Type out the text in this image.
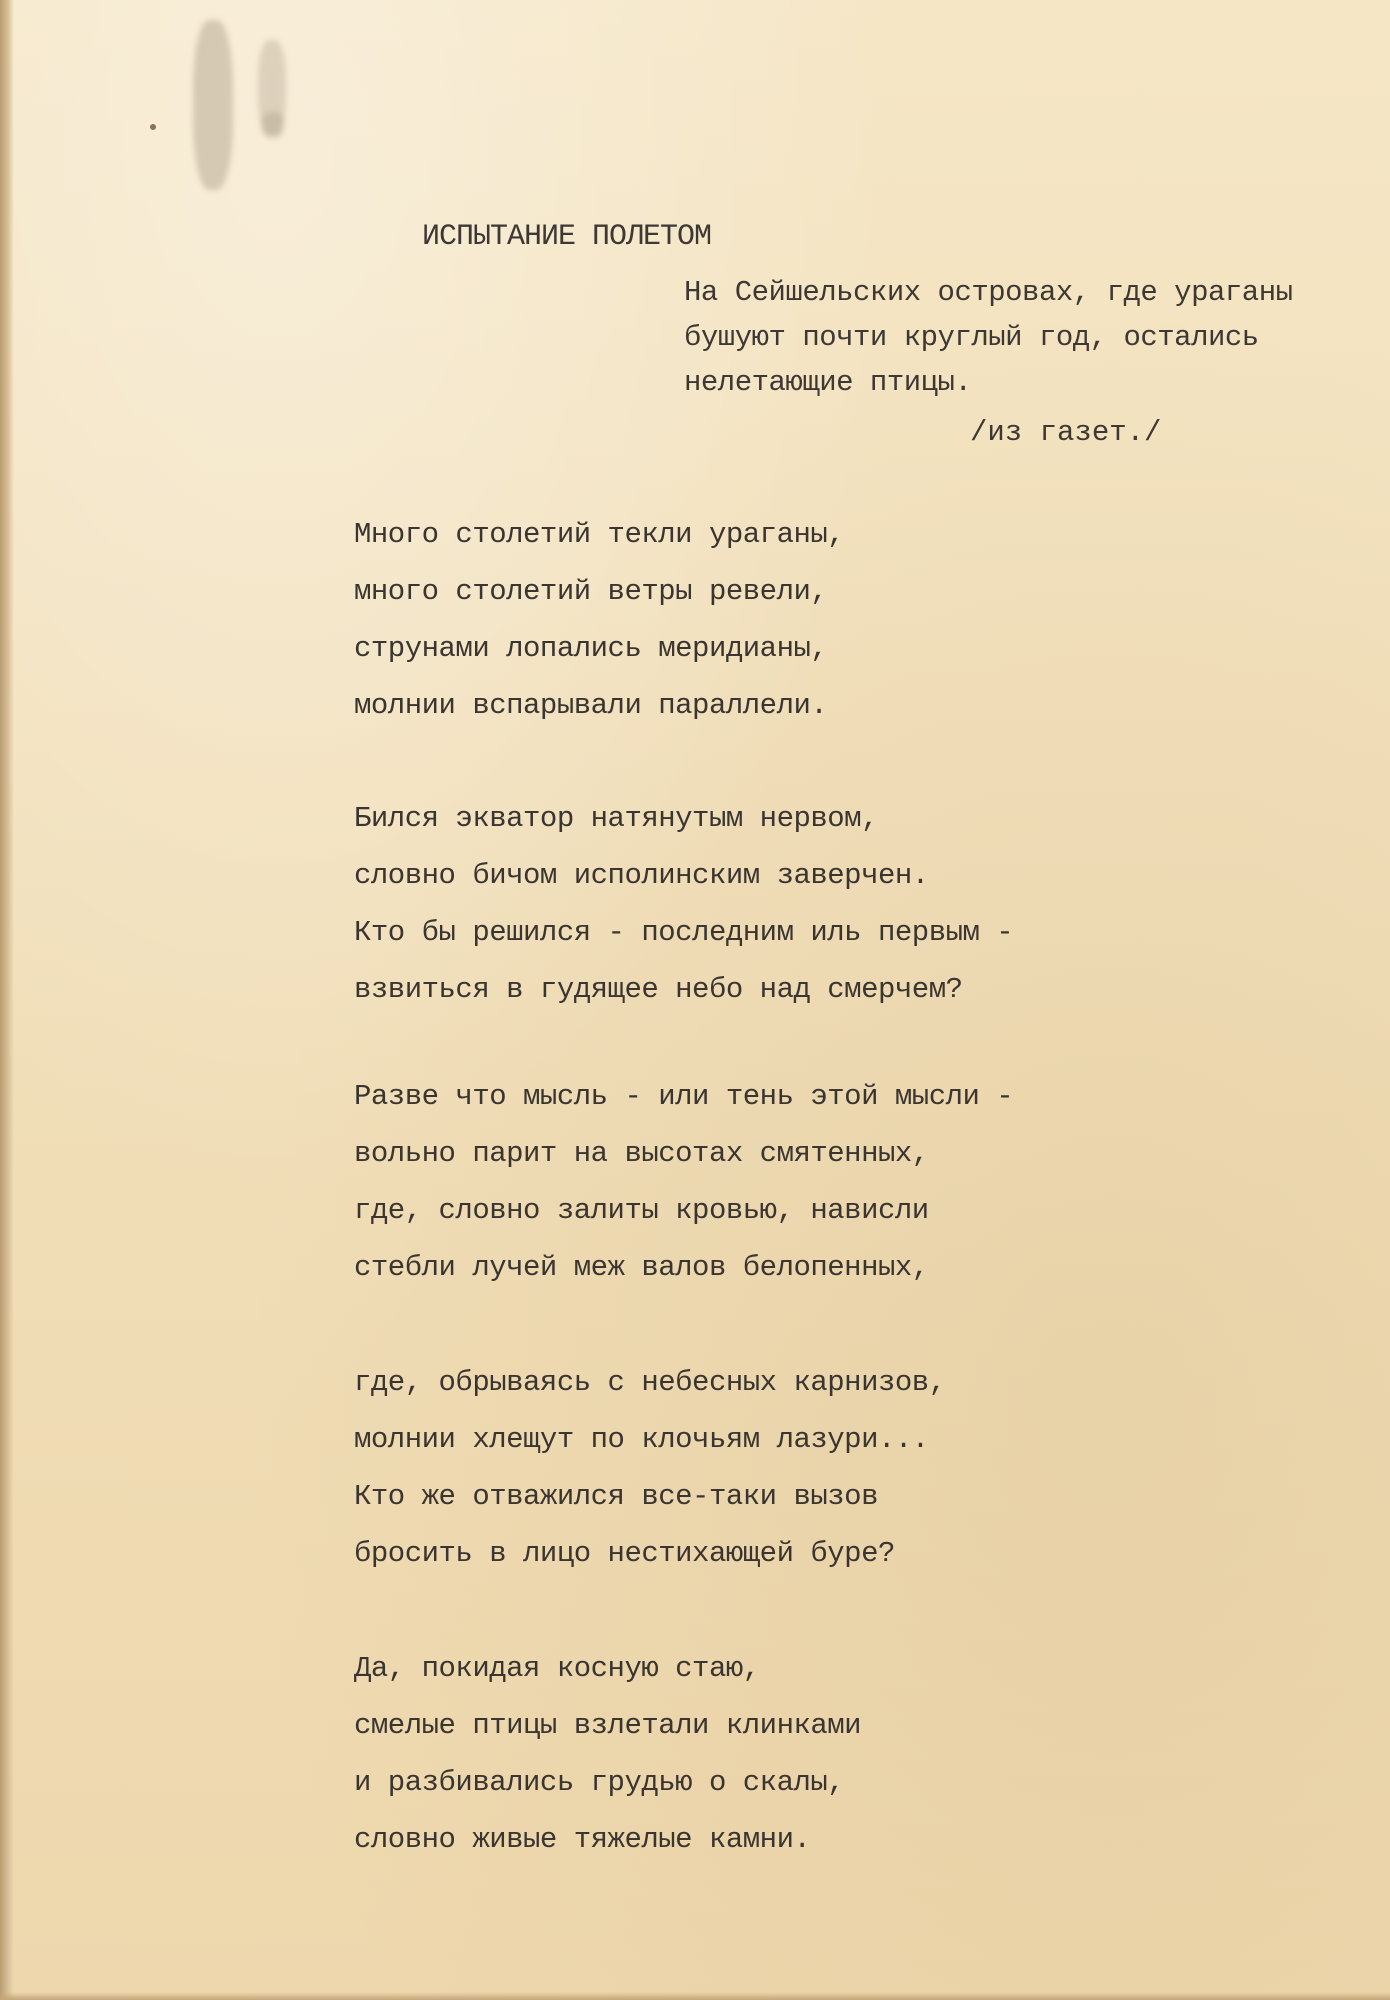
ИСПЫТАНИЕ ПОЛЕТОМ
На Сейшельских островах, где ураганы
бушуют почти круглый год, остались
нелетающие птицы.
/из газет./
Много столетий текли ураганы,
много столетий ветры ревели,
струнами лопались меридианы,
молнии вспарывали параллели.
Бился экватор натянутым нервом,
словно бичом исполинским заверчен.
Кто бы решился - последним иль первым -
взвиться в гудящее небо над смерчем?
Разве что мысль - или тень этой мысли -
вольно парит на высотах смятенных,
где, словно залиты кровью, нависли
стебли лучей меж валов белопенных,
где, обрываясь с небесных карнизов,
молнии хлещут по клочьям лазури...
Кто же отважился все-таки вызов
бросить в лицо нестихающей буре?
Да, покидая косную стаю,
смелые птицы взлетали клинками
и разбивались грудью о скалы,
словно живые тяжелые камни.
